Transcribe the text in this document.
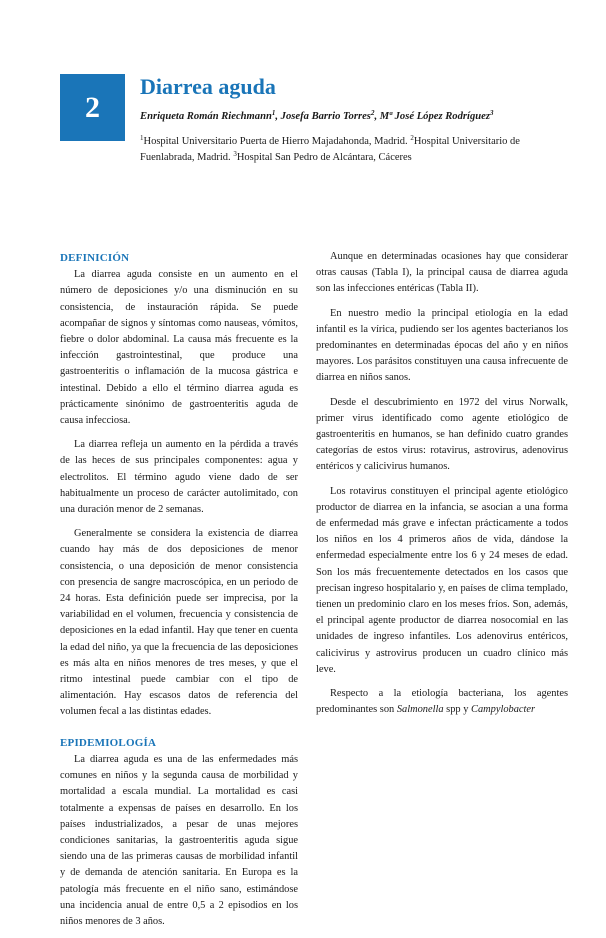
2
Diarrea aguda

Enriqueta Román Riechmann$^1$, Josefa Barrio Torres$^2$, Mª José López Rodríguez$^3$

$^1$Hospital Universitario Puerta de Hierro Majadahonda, Madrid. $^2$Hospital Universitario de Fuenlabrada, Madrid. $^3$Hospital San Pedro de Alcántara, Cáceres

DEFINICIÓN

La diarrea aguda consiste en un aumento en el número de deposiciones y/o una disminución en su consistencia, de instauración rápida. Se puede acompañar de signos y síntomas como nauseas, vómitos, fiebre o dolor abdominal. La causa más frecuente es la infección gastrointestinal, que produce una gastroenteritis o inflamación de la mucosa gástrica e intestinal. Debido a ello el término diarrea aguda es prácticamente sinónimo de gastroenteritis aguda de causa infecciosa.

La diarrea refleja un aumento en la pérdida a través de las heces de sus principales componentes: agua y electrolitos. El término agudo viene dado de ser habitualmente un proceso de carácter autolimitado, con una duración menor de 2 semanas.

Generalmente se considera la existencia de diarrea cuando hay más de dos deposiciones de menor consistencia, o una deposición de menor consistencia con presencia de sangre macroscópica, en un periodo de 24 horas. Esta definición puede ser imprecisa, por la variabilidad en el volumen, frecuencia y consistencia de deposiciones en la edad infantil. Hay que tener en cuenta la edad del niño, ya que la frecuencia de las deposiciones es más alta en niños menores de tres meses, y que el ritmo intestinal puede cambiar con el tipo de alimentación. Hay escasos datos de referencia del volumen fecal a las distintas edades.

EPIDEMIOLOGÍA

La diarrea aguda es una de las enfermedades más comunes en niños y la segunda causa de morbilidad y mortalidad a escala mundial. La mortalidad es casi totalmente a expensas de países en desarrollo. En los países industrializados, a pesar de unas mejores condiciones sanitarias, la gastroenteritis aguda sigue siendo una de las primeras causas de morbilidad infantil y de demanda de atención sanitaria. En Europa es la patología más frecuente en el niño sano, estimándose una incidencia anual de entre 0,5 a 2 episodios en los niños menores de 3 años.

Aunque en determinadas ocasiones hay que considerar otras causas (Tabla I), la principal causa de diarrea aguda son las infecciones entéricas (Tabla II).

En nuestro medio la principal etiología en la edad infantil es la vírica, pudiendo ser los agentes bacterianos los predominantes en determinadas épocas del año y en niños mayores. Los parásitos constituyen una causa infrecuente de diarrea en niños sanos.

Desde el descubrimiento en 1972 del virus Norwalk, primer virus identificado como agente etiológico de gastroenteritis en humanos, se han definido cuatro grandes categorías de estos virus: rotavirus, astrovirus, adenovirus entéricos y calicivirus humanos.

Los rotavirus constituyen el principal agente etiológico productor de diarrea en la infancia, se asocian a una forma de enfermedad más grave e infectan prácticamente a todos los niños en los 4 primeros años de vida, dándose la enfermedad especialmente entre los 6 y 24 meses de edad. Son los más frecuentemente detectados en los casos que precisan ingreso hospitalario y, en países de clima templado, tienen un predominio claro en los meses fríos. Son, además, el principal agente productor de diarrea nosocomial en las unidades de ingreso infantiles. Los adenovirus entéricos, calicivirus y astrovirus producen un cuadro clínico más leve.

Respecto a la etiología bacteriana, los agentes predominantes son Salmonella spp y Campylobacter
